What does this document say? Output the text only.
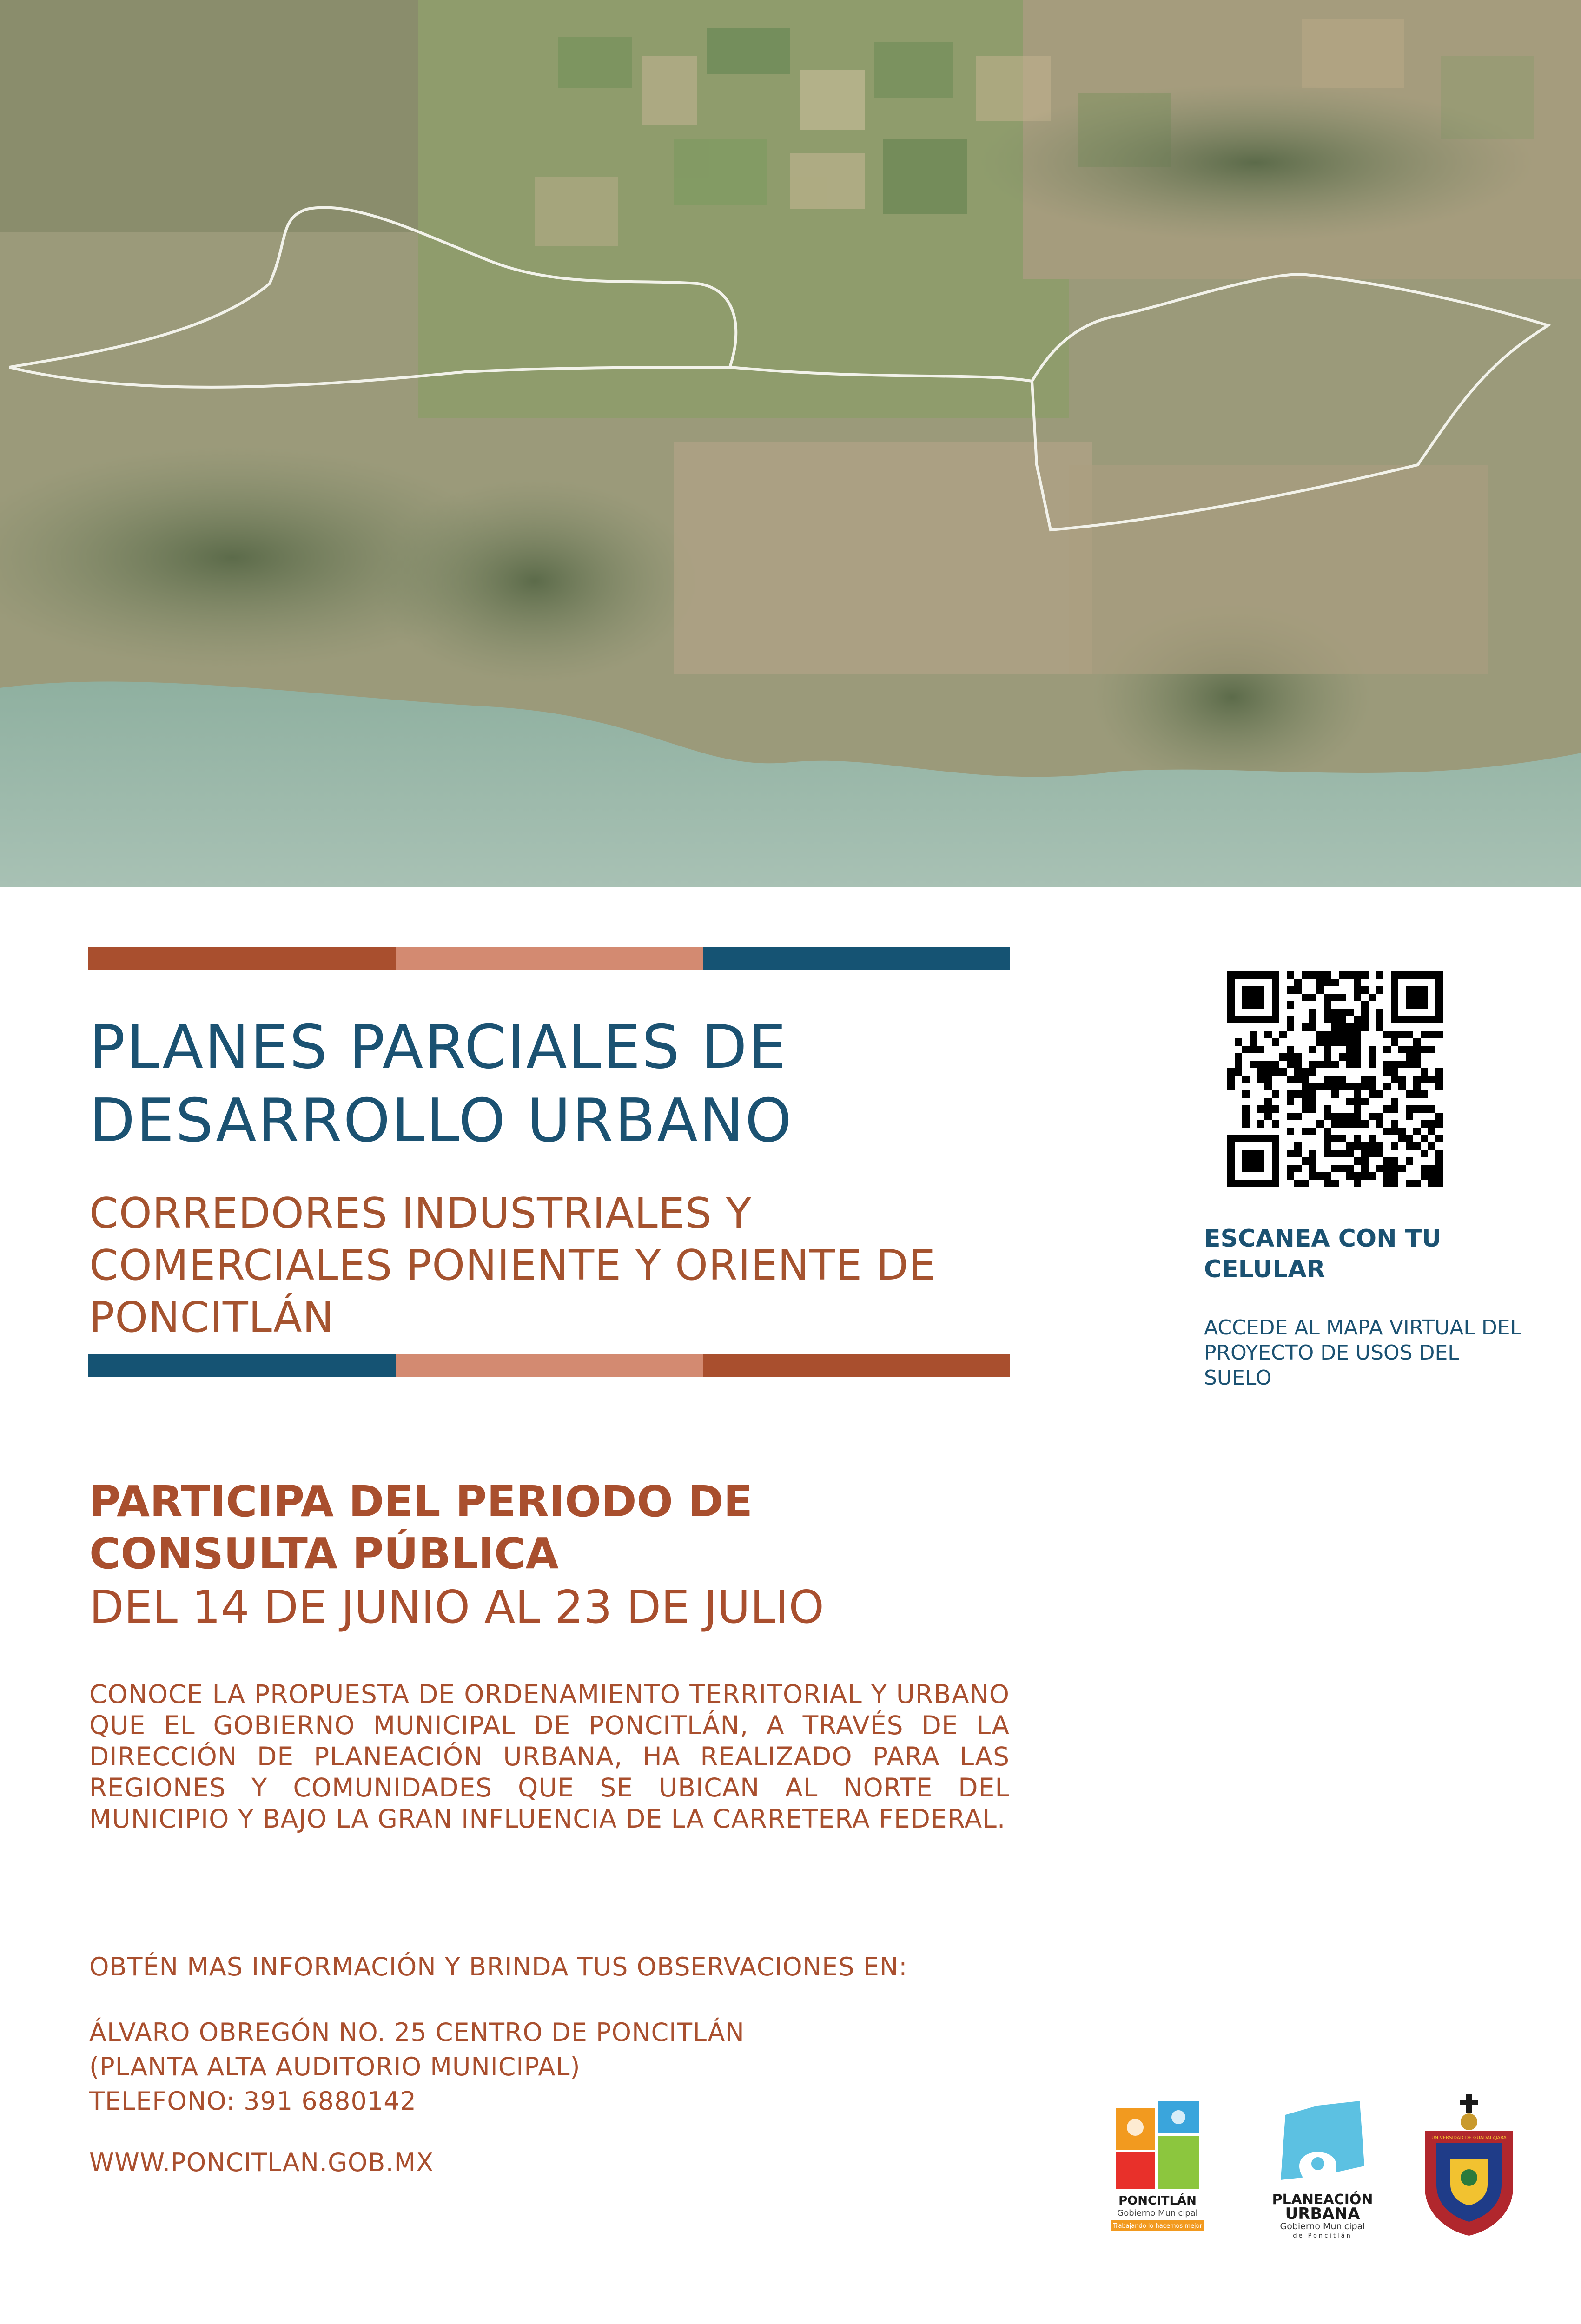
PLANES PARCIALES DE DESARROLLO URBANO
CORREDORES INDUSTRIALES Y COMERCIALES PONIENTE Y ORIENTE DE PONCITLÁN
PARTICIPA DEL PERIODO DE CONSULTA PÚBLICA

DEL 14 DE JUNIO AL 23 DE JULIO

CONOCE LA PROPUESTA DE ORDENAMIENTO TERRITORIAL Y URBANO QUE EL GOBIERNO MUNICIPAL DE PONCITLÁN, A TRAVÉS DE LA DIRECCIÓN DE PLANEACIÓN URBANA, HA REALIZADO PARA LAS REGIONES Y COMUNIDADES QUE SE UBICAN AL NORTE DEL MUNICIPIO Y BAJO LA GRAN INFLUENCIA DE LA CARRETERA FEDERAL.

OBTÉN MAS INFORMACIÓN Y BRINDA TUS OBSERVACIONES EN:

ÁLVARO OBREGÓN NO. 25 CENTRO DE PONCITLÁN
(PLANTA ALTA AUDITORIO MUNICIPAL)
TELEFONO: 391 6880142

WWW.PONCITLAN.GOB.MX

ESCANEA CON TU CELULAR

ACCEDE AL MAPA VIRTUAL DEL PROYECTO DE USOS DEL SUELO

PONCITLÁN
Gobierno Municipal
Trabajando lo hacemos mejor
PLANEACIÓN
URBANA
Gobierno Municipal
de Poncitlán
UNIVERSIDAD DE GUADALAJARA
